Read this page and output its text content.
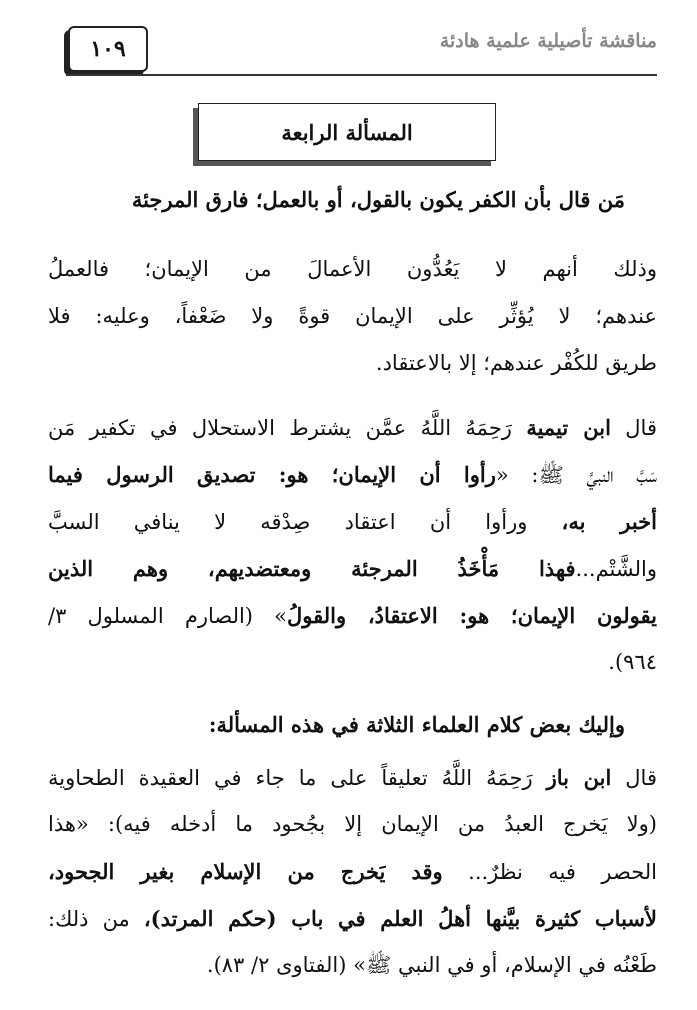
١٠٩	مناقشة تأصيلية علمية هادئة
المسألة الرابعة
مَن قال بأن الكفر يكون بالقول، أو بالعمل؛ فارق المرجئة
وذلك أنهم لا يَعُدُّون الأعمالَ من الإيمان؛ فالعملُ
عندهم؛ لا يُؤثِّر على الإيمان قوةً ولا ضَعْفاً، وعليه: فلا
طريق للكُفْر عندهم؛ إلا بالاعتقاد.
قال ابن تيمية رَحِمَهُ اللَّهُ عمَّن يشترط الاستحلال في تكفير مَن
سَبَّ النبيَّ ﷺ: «رأوا أن الإيمان؛ هو: تصديق الرسول فيما
أخبر به، ورأوا أن اعتقاد صِدْقه لا ينافي السبَّ
والشَّتْم...فهذا مَأْخَذُ المرجئة ومعتضديهم، وهم الذين
يقولون الإيمان؛ هو: الاعتقادُ، والقولُ» (الصارم المسلول ٣/
٩٦٤).
وإليك بعض كلام العلماء الثلاثة في هذه المسألة:
قال ابن باز رَحِمَهُ اللَّهُ تعليقاً على ما جاء في العقيدة الطحاوية
(ولا يَخرج العبدُ من الإيمان إلا بجُحود ما أدخله فيه): «هذا
الحصر فيه نظرٌ... وقد يَخرج من الإسلام بغير الجحود،
لأسباب كثيرة بيَّنها أهلُ العلم في باب (حكم المرتد)، من ذلك:
طَعْنُه في الإسلام، أو في النبي ﷺ» (الفتاوى ٢/ ٨٣).
